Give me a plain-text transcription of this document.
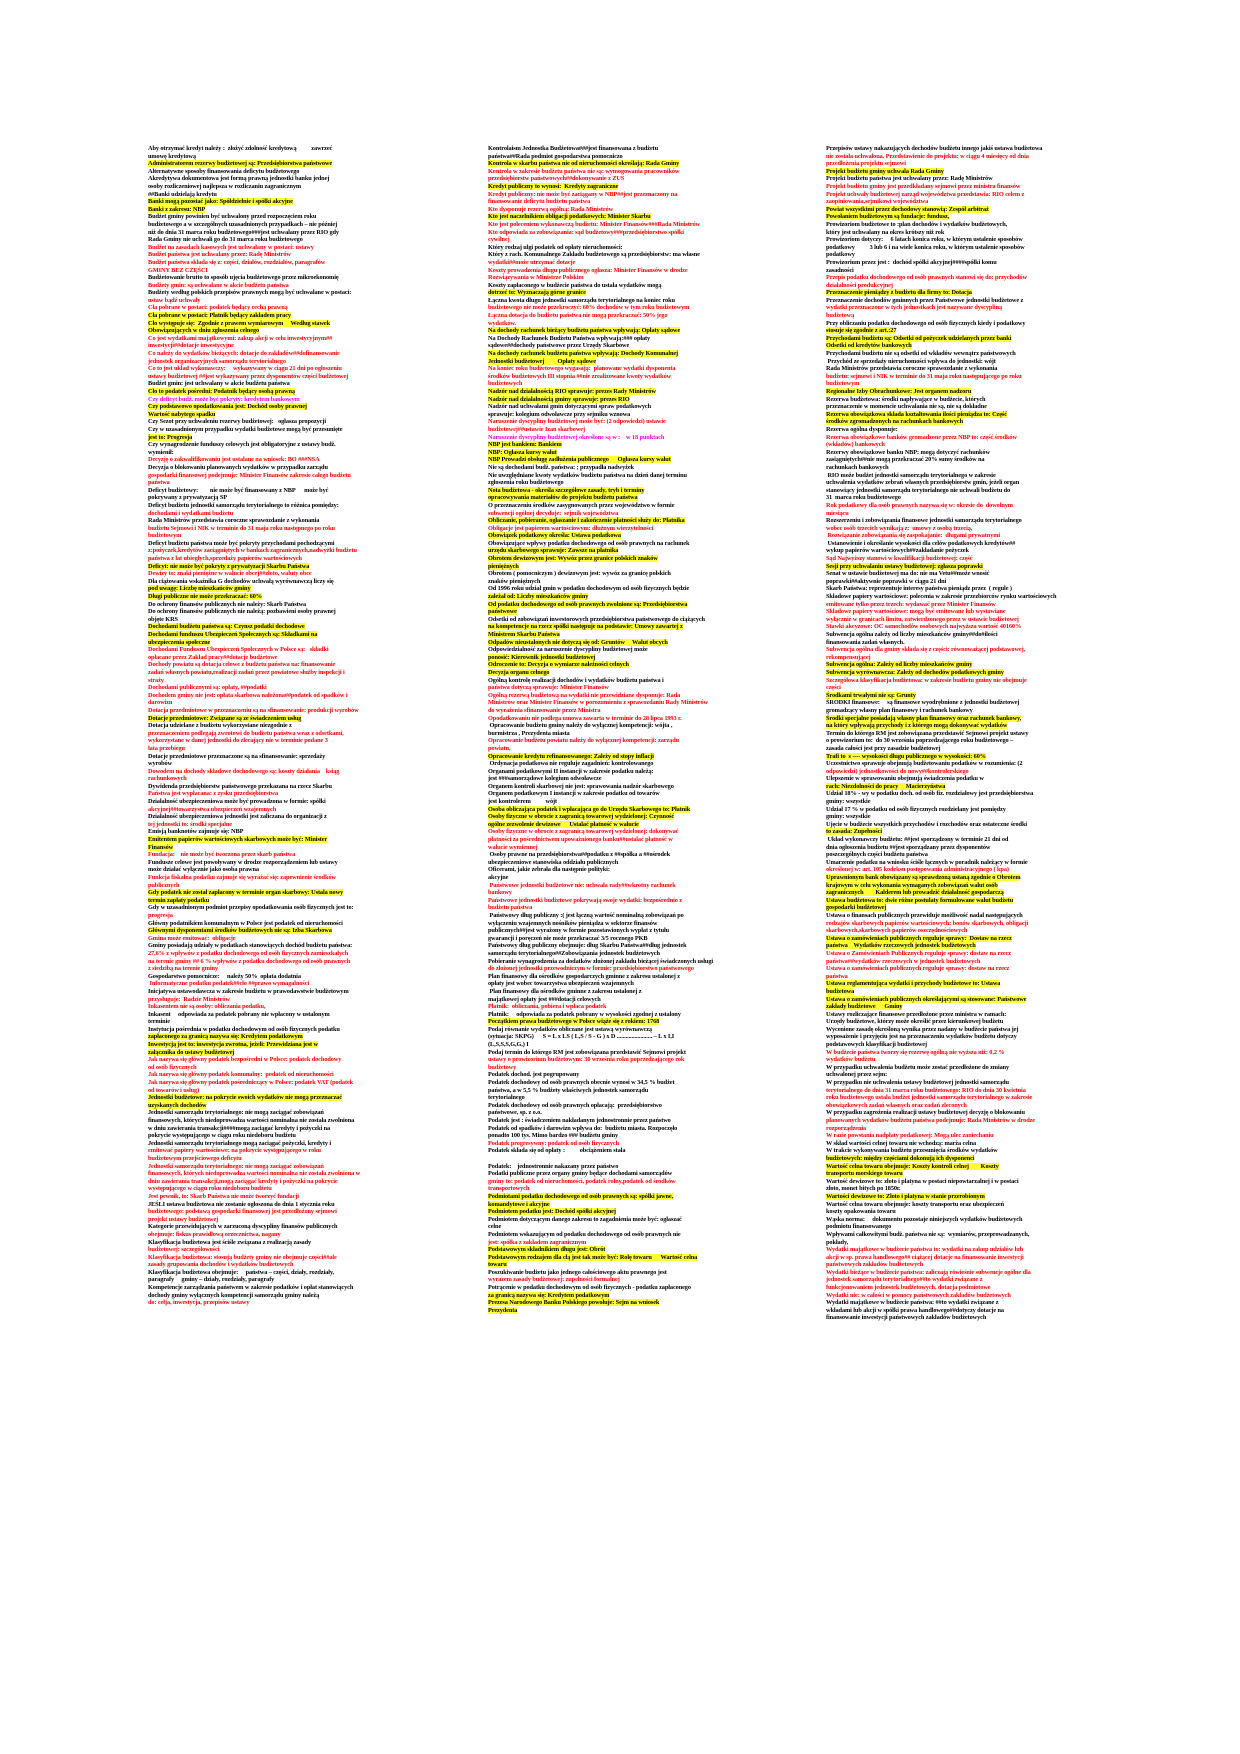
Aby otrzymać kredyt należy :  złożyć zdolność kredytową          zawrzeć

umowę kredytową

Administratorem rezerwy budżetowej są: Przedsiębiorstwa państwowe

Alternatywne sposoby finansowania deficytu budżetowego

Akredytywa dokumentowa jest formą prawną jednostki banku jednej

osoby rozliczeniowej najlepsza w rozliczaniu zagranicznym

##Banki udzielają kredytu

Banki mogą pozostać jako: Spółdzielnie i spółki akcyjne

Banki z zakresu: NBP

Budżet gminy powinien być uchwalony przed rozpoczęciem roku

budżetowego a w szczególnych uzasadnionych przypadkach – nie później

niż do dnia 31 marca roku budżetowego###jest uchwalany przez RIO gdy

Rada Gminy nie uchwali go do 31 marca roku budżetowego

Budżet na zasadach kasowych jest uchwalany w postaci: ustawy

Budżet państwa jest uchwalany przez: Radę Ministrów

Budżet państwa składa się z: części, działów, rozdziałów, paragrafów

GMINY BEZ CZĘŚCI

Budżetowanie brutto to sposób ujęcia budżetowego przez mikroekonomię

Budżety gmin: są uchwalane w akcie budżetu państwa

Budżety według polskich przepisów prawnych mogą być uchwalane w postaci:

ustaw bądź uchwały

Cła pobrane w postaci: podatek będący cechą prawną

Cła pobrane w postaci: Płatnik będący zakładem pracy

Cło występuje się:  Zgodnie z prawem wymiarowym     Według stawek

Obowiązujących w dniu zgłoszenia celnego

Co jest wydatkami majątkowymi: zakup akcji w celu inwestycyjnym##

inwestycji##dotacje inwestycyjne

Co należy do wydatków bieżących: dotacje do zakładów##dofinansowanie

jednostek organizacyjnych samorządu terytorialnego

Co to jest układ wykonawczy:     wykazywany w ciągu 21 dni po ogłoszeniu

ustawy budżetowej ##jest wykazywany przez dysponentów części budżetowej

Budżet gmin: jest uchwalany w akcie budżetu państwa

Cło to podatek pośredni: Podatnik będący osobą prawną

Czy deficyt budż. może być pokryty: kredytem bankowym

Czy podstawowo opodatkowania jest: Dochód osoby prawnej

Wartość nabytego spadku

Czy Sezot przy uchwaleniu rezerwy budżetowej:   ogłasza propozycji

Czy w uzasadnionym przypadku wydatki budżetowe mogą być przesunięte

jest to: Progresja

Czy wynagrodzenie funduszy celowych jest obligatoryjne z ustawy budż.

wymienił:

Decyzję o zakwalifikowaniu jest ustalane na wniosek: BO ###NSA

Decyzja o blokowaniu planowanych wydatków w przypadku zarządu

gospodarki finansowej podejmuje: Minister Finansów zakresie całego budżetu

państwa

Deficyt budżetowy:        nie może być finansowany z NBP      może być

pokrywany z prywatyzacją SP

Deficyt budżetu jednostki samorządu terytorialnego to różnica pomiędzy:

dochodami i wydatkami budżetu

Rada Ministrów przedstawia coroczne sprawozdanie z wykonania

budżetu Sejmowi i NIK w terminie do 31 maja roku następnego po roku

budżetowym

Deficyt budżetu państwa może być pokryty przychodami pochodzącymi

z:pożyczek,kredytów zaciągniętych w bankach zagranicznych,nadwyżki budżetu

państwa z lat ubiegłych,sprzedaży papierów wartościowych

Deficyt: nie może być pokryty z prywatyzacji Skarbu Państwa

Dewizy to: znaki pieniężne w walucie obcej##złoto, waluty obce

Dla ciążowania wskaźnika G dochodów uchwałą wyrównawczą liczy się

pod uwagę: Liczbę mieszkańców gminy

Długi publiczne nie może przekraczać: 60%

Do ochrony finansów publicznych nie należy: Skarb Państwa

Do ochrony finansów publicznych nie należą: pozbawieni osoby prawnej

objęte KRS

Dochodami budżetu państwa są: Czynsz podatki dochodowe

Dochodami funduszu Ubezpieczeń Społecznych są: Składkami na

ubezpieczenia społeczne

Dochodami Funduszu Ubezpieczeń Społecznych w Polsce są:   składki

opłacane przez Zakład pracy##dotacje budżetowe

Dochody powiatu są dotacja celowe z budżetu państwa na: finansowanie

zadań własnych powiatu,realizacji zadań przez powiatowe służby inspekcji i

straży

Dochodami publicznymi są: opłaty, ##podatki

Dochodem gminy nie jest: opłata skarbowa nałożona##podatek od spadków i

darowizn

Dotacja przedmiotowe w przeznaczeniu są na sfinansowanie: produkcji wyrobów

Dotacje przedmiotowe: Związane są ze świadczeniem usług

Dotacja udzielane z budżetu wykorzystane niezgodnie z

przeznaczeniem podlegają zwrotowi do budżetu państwa wraz z odsetkami,

wykorzystane w danej jednostki do zlecający nie w terminie podane 3

lata przebiegu

Dotacje przedmiotowe przeznaczone są na sfinansowanie: sprzedaży

wyrobów

Dowodem na dochody składowe dochodowego są: koszty działania    ksiąg

rachunkowych

Dywidenda przedsiębiorstw państwowego przekazana na rzecz Skarbu

Państwa jest wypłacana: z zysku przedsiębiorstwa

Działalność ubezpieczeniowa może być prowadzona w formie: spółki

akcyjnej##towarzystwa ubezpieczeń wzajemnych

Działalność ubezpieczeniowa jednostki jest zaliczana do organizacji z

tej jednostki to: środki specjalne

Emisją banknotów zajmuje się: NBP

Emitentem papierów wartościowych skarbowych może być: Minister

Finansów

Fundacja:    nie może być tworzona przez skarb państwa

Fundusze celowe jest powoływany w drodze rozporządzeniem lub ustawy

może działać wyłącznie jako osoba prawna

Funkcja fiskalna podatku zajmuje się wyrażać się: zapewnienie środków

publicznych

Gdy podatek nie został zapłacony w terminie organ skarbowy: Ustala nowy

termin zapłaty podatku

Gdy w uzasadnionym podmiot przepisy opodatkowania osób fizycznych jest to:

progresja

Główny podatnikiem komunalnym w Polsce jest podatek od nieruchomości

Głównymi dysponentami środków budżetowych nie są: Izba Skarbowa

Gmina może emitować:  obligacje

Gminy posiadają udziały w podatkach stanowiących dochód budżetu państwa:

27,6% z wpływów z podatku dochodowego od osób fizycznych zamieszkałych

na terenie gminy ## 6 % wpływów z podatku dochodowego od osób prawnych

z siedzibą na terenie gminy

Gospodarstwo pomocnicze:     należy 50%  opłata dodatnia

Informatyczne podatku podatek##cło ##prawo wymagalności

Inicjatywa ustawodawcza w zakresie budżetu w prawodawstwie budżetowym

przysługuje:  Radzie Ministrów

Inkasentem nie są osoby: obliczania podatku,

Inkasent     odpowiada za podatek pobrany nie wpłacony w ustalonym

terminie

Instytucja pośrednia w podatku dochodowym od osób fizycznych podatku

zapłaconego za granicą nazywa się: Kredytem podatkowym

Inwestycją jest to: inwestycja zwrotna, jeżeli: Przewidziana jest w

załącznika do ustawy budżetowej

Jak nazywa się główny podatek bezpośredni w Polsce: podatek dochodowy

od osób fizycznych

Jak nazywa się główny podatek komunalny:  podatek od nieruchomości

Jak nazywa się główny podatek pośredniczący w Polsce: podatek VAT (podatek

od towarów i usług)

Jednostki budżetowe: na pokrycie swoich wydatków nie mogą przeznaczać

uzyskanych dochodów

Jednostki samorządu terytorialnego: nie mogą zaciągać zobowiązań

finansowych, których niedoprowadza wartości nominalna nie została zwolniona

w dniu zawierania transakcji####mogą zaciągać kredyty i pożyczki na

pokrycie występującego w ciągu roku niedoboru budżetu

Jednostki samorządu terytorialnego mogą zaciągać pożyczki, kredyty i

emitować papiery wartościowe: na pokrycie występującego w roku

budżetowym przejściowego deficytu

Jednostki samorządu terytorialnego: nie mogą zaciągać zobowiązań

finansowych, których niedoprowadza wartości nominalna nie została zwolniona w

dniu zawierania transakcji,mogą zaciągać kredyty i pożyczki na pokrycie

występującego w ciągu roku niedoboru budżetu

Jest pewnik, to: Skarb Państwa nie może tworzyć fundacji

JEŚLI ustawa budżetowa nie zostanie ogłoszona do dnia 1 stycznia roku

budżetowego: podstawą gospodarki finansowej jest przedłożony sejmowi

projekt ustawy budżetowej

Kategorie przewidujących w zarzuconą dyscypliny finansów publicznych

obejmuje: fiskus prawidłową orzecznictwa, nagany

Klasyfikacja budżetowa jest ściśle związana z realizacją zasady

budżetowej: szczegółowości

Klasyfikacja budżetowa: stosują budżety gminy nie obejmuje części##ale

zasady grupowania dochodów i wydatków budżetowych

Klasyfikacja budżetowa obejmuje:     państwa – części, działy, rozdziały,

paragrafy     gminy – działy, rozdziały, paragrafy

Kompetencje zarządzania państwem w zakresie podatków i opłat stanowiących

dochody gminy wyłącznych kompetencji samorządu gminy należą

do: cełja, inwestycja, przepisów ustawy

Kontrolaism Jednostka Budżetowa###jest finansowana z budżetu

państwa##Rada podmiot gospodarstwa pomocniczo

Kontrola w skarbu państwa nie od nieruchomości określają: Rada Gminy

Kontrola w zakresie budżetu państwa nie są: wymogowania pracowników

przedsiębiorstw państwowych##dokonywanie z ZUS

Kredyt publiczny to wynosi:  Kredyty zagraniczne

Kredyt publiczny: nie może być zaciągany w NBP##jest przeznaczony na

finansowanie deficytu budżetu państwa

Kto dysponuje rezerwą ogólną: Rada Ministrów

Kto jest naczelnikiem obligacji podatkowych: Minister Skarbu

Kto jest poleceniem wykonawczą budżetu: Minister Finansów###Rada Ministrów

Kto odpowiada za zobowiązania: sąd budżetowy###przedsiębiorstwo spółki

cywilnej

Który rodzaj ulgi podatek od opłaty nieruchomości:

Który z rach. Komunalnego Zakładu budżetowego są przedsiębiorstw: ma własne

wydatki##może utrzymać dotacje

Koszty prowadzenia długu publicznego ogłasza: Minister Finansów w drodze

Rozwiązywania w Ministrze Polskim

Koszty zapłaconego w budżecie państwa do ustala wydatków mogą

dotrzeć to: Wyznaczają górne granice

Łączna kwota długu jednostki samorządu terytorialnego na koniec roku

budżetowego nie może przekroczyć: 60% dochodów w tym roku budżetowym

Łączna dotacja do budżetu państwa nie mogą przekraczać: 50% jego

wydatków.

Na dochody rachunek bieżący budżetu państwa wpływają: Opłaty sądowe

Na Dochody Rachunek Budżetu Państwa wpływają:### opłaty

sądowe##dochody państwowe przez Urzędy Skarbowe

Na dochody rachunek budżetu państwa wpływają: Dochody Komunalnej

Jednostki budżetowej         Opłaty sądowe

Na koniec roku budżetowego wygasają:  planowane wydatki dysponenta

środków budżetowych III stopnia ##nie zrealizowane kwoty wydatków

budżetowych

Nadzór nad działalnością RIO sprawuje: prezes Rady Ministrów

Nadzór nad działalnością gminy sprawuje: prezes RIO

Nadzór nad uchwałami gmin dotyczącymi spraw podatkowych

sprawuje: kolegium odwoławcze przy sejmiku wznowa

Naruszenie dyscypliny budżetowej może być: (2 odpowiedzi) ustawie

budżetowej##ustawie Izan skarbowej

Naruszenie dyscypliny budżetowej określone są w :    w 18 punktach

NBP jest bankiem: Bankiem

NBP: Ogłasza kursy walut

NBP Prowadzi obsługę zadłużenia publicznego      Ogłasza kursy walut

Nie są dochodami budż. państwa: ; przypadła nadwyżek

Nie uwzględniane kwoty wydatków budżetu państwa na dzień danej terminu

zgłoszenia roku budżetowego

Nota budżetowa - określa szczegółowe zasady, tryb i terminy

opracowywania materiałów do projektu budżetu państwa

O przeznaczeniu środków zasygnowanych przez województwo w formie

subwencji ogólnej decyduje:  sejmik województwa

Obliczanie, pobieranie, ogłaszanie i zakończenie płatności służy do: Płatnika

Obligacje jest papierem wartościowym: dłużnym wierzytelności

Obowiązek podatkowy określa: Ustawa podatkowa

Obowiązujące wpływy podatku dochodowego od osób prawnych na rachunek

urzędu skarbowego sprawuje: Zawsze na płatnika

Obrotem dewizowym jest: Wywóz przez granice polskich znaków

pieniężnych

Obrotem ( pomocniczym ) dewizowym jest: wywóz za granicę polskich

znaków pieniężnych

Od 1996 roku udział gmin w podatku dochodowym od osób fizycznych będzie

zależał od: Liczby mieszkańców gminy

Od podatku dochodowego od osób prawnych zwolnione są: Przedsiębiorstwa

państwowe

Odsetki od zobowiązań inwestorowych przedsiębiorstwa państwowego do ciążących

na kompetencje na rzecz spółki następuje na podstawie: Umowy zawartej z

Ministrem Skarbu Państwa

Odpadów nieustalonych nie dotyczą się od: Gruntów     Walut obcych

Odpowiedzialność za naruszenie dyscypliny budżetowej może

ponosić: Kierownik jednostki budżetowej

Odroczenie to: Decyzja o wymiarze należności celnych

Decyzja organu celnego

Ogólną kontrolę realizacji dochodów i wydatków budżetu państwa i

państwa dotyczą sprawuje: Minister Finansów

Ogólną rezerwą budżetową na wydatki nie przewidziane dysponuje: Rada

Ministrów oraz Minister Finansów w porozumieniu z sprawozdaniu Rady Ministrów

do wyrażenia sfinansowanie przez Ministra

Opodatkowaniu nie podlega umowa zawarta w terminie do 28 lipca 1993 r.

Opracowanie budżetu gminy należy do wyłącznej kompetencji: wójta ,

burmistrza , Prezydenta miasta

Opracowanie budżetu powiatu należy do wyłącznej kompetencji: zarządu

powiatu,

Opracowanie kredytu refinansowanego: Zależy od stopy inflacji

Ordynacja podatkowa nie reguluje zagadnień: kontrolowanego

Organami podatkowymi II instancji w zakresie podatku należą:

jest ###samorządowe kolegium odwoławcze

Organem kontroli skarbowej nie jest: sprawowania nadzór skarbowego

Organem podatkowym I instancji w zakresie podatku od towarów

jest kontrolerem          wójt

Osoba obliczająca podatek i wpłacająca go do Urzędu Skarbowego to: Płatnik

Osoby fizyczne w obrocie z zagranicą towarowej wydzielonej: Czynność

ogólne zezwolenie dewizowe      Ustalać płatność w walucie

Osoby fizyczne w obrocie z zagranicą towarowej wydzielonej: dokonywać

płatności za pośrednictwem upoważnionego banku##ustalać płatność w

walucie wymiennej

Osoby prawne na przedsiębiorstwa##podatku z ##spółka a ##ośrodek

ubezpieczeniowe stanowiska oddziału publicznych

Oficerami, jakie zebrała dla następnie polityki:

akcyjne

Państwowe jednostki budżetowe nie: uchwała rady##wkrotny rachunek

bankowy

Państwowe jednostki budżetowe pokrywają swoje wydatki: bezpośrednio z

budżetu państwa

Państwowy dług publiczny :( jest łączną wartość nominalną zobowiązań po

wyłączeniu wzajemnych nośników pieniądza w sektorze finansów

publicznych##jest wyrażony w formie pozostawionych wypłat z tytułu

gwarancji i poręczeń nie może przekraczać 3/5 rocznego PKB

Państwowy dług publiczny obejmuje: dług Skarbu Państwa##dług jednostek

samorządu terytorialnego##Zobowiązania jednostek budżetowych

Pobieranie wynagrodzenia za dodatków złożonej zakładu bieżącej świadczonych usługi

do złożonej jednostki przewodniczym w formie: przedsiębiorstwo państwowego

Plan finansowy dla ośrodków gospodarczych gminne z zakresu ustalonej z

opłaty jest wobec towarzystwa ubezpieczeń wzajemnych

Plan finansowy dla ośrodków gminne z zakresu ustalonej z

majątkowej opłaty jest ###dotacji celowych

Płatnik:  obliczania, pobiera i wpłaca podatek

Płatnik:     odpowiada za podatek pobrany w wysokości zgodnej z ustalony

Początkiem prawa budżetowego w Polsce wiąże się z rokiem: 1768

Podaj równanie wydatków obliczane jest ustawą wyrównawczą

(sytuacja: SKPG)      S = L x LS ( L,S / S - G ) x D ........................ – L x I,I

(L,S,S,S,G,G,) I

Podaj termin do którego RM jest zobowiązana przedstawić Sejmowi projekt

ustawy o prowizorium budżetowym: 30 września roku poprzedzającego rok

budżetowy

Podatek dochod. jest pogrupowany

Podatek dochodowy od osób prawnych obecnie wynosi w 34,5 % budżet

państwa, a w 5,5 % budżety właściwych jednostek samorządu

terytorialnego

Podatek dochodowy od osób prawnych opłacają:  przedsiębiorstwo

państwowe, sp. z o.o.

Podatek jest : świadczeniem nakładanym jednostronnie przez państwo

Podatek od spadków i darowizn wpływa do:  budżetu miasta. Rozpoczęło

ponadto 100 tys. Mimo bardzo ### budżetu gminy

Podatek progresywny: podatek od osób fizycznych

Podatek składa się od opłaty :          obciążeniem stała

Podatek:    jednostronnie nakazany przez państwo

Podatki publiczne przez organy gminy będące dochodami samorządów

gminy to: podatek od nieruchomości, podatek rolny,podatek od środków

transportowych

Podmiotami podatku dochodowego od osób prawnych są: spółki jawne,

komandytowe i akcyjne

Podmiotem podatku jest: Dochód spółki akcyjnej

Podmiotem dotyczącym danego zakresu to zagadnienia może być: ogłaszać

celne

Podmiotem wskazującym od podatku dochodowego od osób prawnych nie

jest: spółka z zakładem zagranicznym

Podstawowym składnikiem długu jest: Obrót

Podstawowym rodzajem dla cłą jest tak może być: Rolę towaru      Wartość celna

towaru

Poszukiwanie budżetu jako jednego całościowego aktu prawnego jest

wyrazem zasady budżetowej: zupełności formalnej

Potrącenie w podatku dochodowym od osób fizycznych - podatku zapłaconego

za granicą nazywa się: Kredytem podatkowym

Prezesa Narodowego Banku Polskiego powołuje: Sejm na wniosek

Prezydenta

Przepisów ustawy nakazujących dochodów budżetu innego jakiś ustawa budżetowa

nie została uchwalona. Przedstawienie do projektu: w ciągu 4 miesięcy od dnia

przedłożenia projektu sejmowi

Projekt budżetu gminy uchwala Rada Gminy

Projekt budżetu państwa jest uchwalany przez: Radę Ministrów

Projekt budżetu gminy jest przedkładany sejmowi przez ministra finansów

Projekt uchwały budżetowej zarząd województwa przedstawia: RIO celem z

zaopiniowania,sejmikowi województwa

Powiat wszystkimi przez dochodowy stanowią: Zespół arbitraż

Powołaniem budżetowym są fundacje: fundusz,

Prowizoriom budżetowe to :plan dochodów i wydatków budżetowych,

który jest uchwalany na okres krótszy niż rok

Prowizoriom dotyczy:     6 latach konica roku, w którym ustalenie sposobów

podatkowy          3 lub 6 i na wiele konica roku, w którym ustalenie sposobów

podatkowy

Prowizorium przez jest :  dochód spółki akcyjnej####spółki komu

zasadności

Przepis podatku dochodowego od osób prawnych stanowi się do: przychodów

działalności produkcyjnej

Przeznaczenie pieniądzy z budżetu dla firmy to: Dotacja

Przeznaczenie dochodów gminnych przez Państwowe jednostki budżetowe z

wydatki przeznaczone w tych jednostkach jest nazywane dyscypliną

budżetową

Przy obliczaniu podatku dochodowego od osób fizycznych kiedy i podatkowy

stosuje się zgodnie z art.:27

Przychodami budżetu są: Odsetki od pożyczek udzielanych przez banki

Odsetki od kredytów bankowych

Przychodami budżetu nie są odsetki od wkładów wewnątrz państwowych

Przychód ze sprzedaży nieruchomości wpływa do jednostki: wójt

Rada Ministrów przedstawia coroczne sprawozdanie z wykonania

budżetu: sejmowi i NIK w terminie do 31 maja roku następującego po roku

budżetowym

Regionalne Izby Obrachunkowe: Jest organem nadzoru

Rezerwa budżetowa: środki napływające w budżecie, których

przeznaczenie w momencie uchwalania nie są, nie są dokładne

Rezerwa obowiązkowa składa kształtowania ilości pieniądza to: Część

środków zgromadzonych na rachunkach bankowych

Rezerwa ogólna dysponuje:

Rezerwa obowiązkowe banków gromadzone przez NBP to: część środków

(wkładów) bankowych

Rezerwy obowiązkowe banku NBP: mogą dotyczyć rachunków

zasiągniętych##nie mogą przekraczać 20% sumy środków na

rachunkach bankowych

RIO może budżet jednostki samorządu terytorialnego w zakresie

uchwalenia wydatków zebrań własnych przedsiębiorstw gmin, jeżeli organ

stanowiący jednostki samorządu terytorialnego nie uchwali budżetu do

31  marca roku budżetowego

Rok podatkowy dla osób prawnych nazywa się w: okresie do  dowolnym

miesiącu

Rozszerzeniu i zobowiązania finansowe jednostki samorządu terytorialnego

wobec osób trzecich wynikają z:  umowy z osobą trzecią,

Rozwiązanie zobowiązania się zaspokajanie:  długami prywatnymi

Ustanowienie i określanie wysokości dla celów podatkowych kredytów##

wykup papierów wartościowych##zakładanie pożyczek

Sąd Najwyższy stanowi w kwalifikacji budżetowej: część

Sesji przy uchwalaniu ustawy budżetowej: zgłasza poprawki

Senat w ustawie budżetowej ma do: nie ma Vetu##może wnosić

poprawki##aktywnie poprawki w ciągu 21 dni

Skarb Państwa: reprezentuje interesy państwa pieniądz przez  ( regule )

Składowe papiery wartościowe: polecenia w zakresie przezbiorców rynku wartościowych

emitowane tylko przez trzech: wydawać przez Minister Finansów

Składowe papiery wartościowe: mogą być emitowane lub wystawiane

wyłącznie w granicach limitu, zatwierdzonego przez w ustawie budżetowej

Stawki akcyzowe: OC samochodów osobowych najwyższa wartość 40160%

Subwencja ogólna zależy od liczby mieszkańców gminy##do#ilości

finansowania zadań własnych.

Subwencja ogólna dla gminy składa się z części: równoważącej podstawowej,

rekompensującej

Subwencja ogólna: Zależy od liczby mieszkańców gminy

Subwencja wyrównawcza: Zależy od dochodów podatkowych gminy

Szczegółowa klasyfikacja budżetowa: w zakresie budżetu gminy nie obejmuje

części

Środkami trwałymi nie są: Grunty

ŚRODKI finansowe:     są finansowe wyodrębnione z jednostki budżetowej

gromadzący własny plan finansowy i rachunek bankowy

Środki specjalne posiadają własny plan finansowy oraz rachunek bankowy,

na który wpływają przychody i z którego mogą dokonywać wydatków

Termin do którego RM jest zobowiązana przedstawić Sejmowi projekt ustawy

o prowizorium to:  do 30 września poprzedzającego roku budżetowego –

zasada całości jest przy zasadzie budżetowej

Trafi to  s ---- wysokości długu publicznego w wysokości: 60%

Uczestnictwo sprawuje obejmują budżetowaniu podatków w rozumienia: (2

odpowiedzi) jednostkowości do nowy##kontrolerskiego

Ulepszenie w sprawowaniu obejmują świadczenia podatku w

rach: Niezdolności do pracy     Macierzyństwa

Udział 18% - wy w podatku doch. od osób fiz. rozdziałowy jest przedsiębiorstwa

gminy: wszystkie

Udział 17 % w podatku od osób fizycznych rozdzielany jest pomiędzy

gminy: wszystkie

Ujęcie w budżecie wszystkich przychodów i rozchodów oraz ostateczne środki

to zasada: Zupełności

Układ wykonawczy budżetu: ##jest sporządzony w terminie 21 dni od

dnia ogłoszenia budżetu ##jest sporządzany przez dysponentów

poszczególnych części budżetu państwa

Umarzenie podatku na wniosku ściśle łącznych w poradnik należący w formie

określonej w: art. 105 kodeksu postępowania administracyjnego ( kpa)

Uprawnionym bank obowiązany są sprawdzoną ustaną zgodnie o Obrotem

krajowym w celu wykonania wymaganych zobowiązań walut osób

zagranicznych        Kalderem lub prowadzić działalność gospodarczą

Ustawa budżetowa to: dwie różne postulaty formułowane walut budżetu

gospodarki budżetowej

Ustawa o finansach publicznych przewiduje możliwość nadal następujących

rodzajów skarbowych papierów wartościowych: bonów skarbowych, obligacji

skarbowych,skarbowych papierów oszczędnościowych

Ustawa o zamówieniach publicznych reguluje sprawy:  Dostaw na rzecz

państwa    Wydatków rzeczowych jednostek budżetowych

Ustawa o Zamówieniach Publicznych reguluje sprawy: dostaw na rzecz

państwa##wydatków rzeczowych w jednostek budżetowych

Ustawa o zamówieniach publicznych reguluje sprawy: dostaw na rzecz

państwa

Ustawa reglamentująca wydatki i przychody budżetowe to: Ustawa

budżetowa

Ustawa o zamówieniach publicznych określającymi są stosowane: Państwowe

zakłady budżetowe      Gminy

Ustawy rozliczające finansowe przedłożone przez ministra w ramach:

Urzędy budżetowe, którzy może określić przez kierunkowej budżetu

Wycenione zasadę określoną wynika przez nadany w budżecie państwa jej

wyposażenie i przyjęciu jest na przeznaczeniu wydatków budżetu dotyczy

podstawowych klasyfikacji budżetowej

W budżecie państwa tworzy się rezerwę ogólną nie wyższa niż: 0,2 %

wydatków budżetu

W przypadku uchwalenia budżetu może zostać przedłożone do zmiany

uchwalonej przez sejm:

W przypadku nie uchwalenia ustawy budżetowej jednostki samorządu

terytorialnego do dnia 31 marca roku budżetowego: RIO do dnia 30 kwietnia

roku budżetowego ustala budżet jednostki samorządu terytorialnego w zakresie

obowiązkowych zadań własnych oraz zadań zleconych

W przypadku zagrożenia realizacji ustawy budżetowej decyzję o blokowaniu

planowanych wydatków budżetu państwa podejmuje: Rada Ministrów w drodze

rozporządzenia

W razie powstania nadpłaty podatkowej: Mogą ulec zaniechaniu

W skład wartości celnej towaru nie wchodzą: marża celna

W trakcie wykonywania budżetu przesunięcia środków wydatków

budżetowych: między częściami dokonują ich dysponenci

Wartość celna towaru obejmuje: Koszty kontroli celnej        Koszty

transportu morskiego towaru

Wartość dewizowe to: złoto i platyna w postaci niepowtarzalnej i w postaci

złoto, monet bitych po 1850r.

Wartości dewizowe to: Złoto i platyna w stanie przerobionym

Wartość celna towaru obejmuje: koszty transportu oraz ubezpieczeń

koszty opakowania towaru

Wąska norma:     dokumentu pozostaje niniejszych wydatków budżetowych

podmiotu finansowanego

Wpływami całkowitymi budż. państwa nie są:  wymiarów, przeprowadzanych,

pokłady,

Wydatki majątkowe w budżecie państwa to: wydatki na zakup udziałów lub

akcji w sp. prawa handlowego## ciążącej dotacje na finansowanie inwestycji

państwowych zakładów budżetowych

Wydatki bieżące w budżecie państwa: zaliczają rówieśnie subwencje ogólne dla

jednostek samorządu terytorialnego##to wydatki związane z

funkcjonowaniem jednostek budżetowych, dotacja podmiotowe

Wydatki nie: w całości w pomocy państwowych zakładów budżetowych

Wydatki majątkowe w budżecie państwa: ##to wydatki związane z

wkładami lub akcji w spółki prawa handlowego##dotyczy dotacje na

finansowanie inwestycji państwowych zakładów budżetowych
